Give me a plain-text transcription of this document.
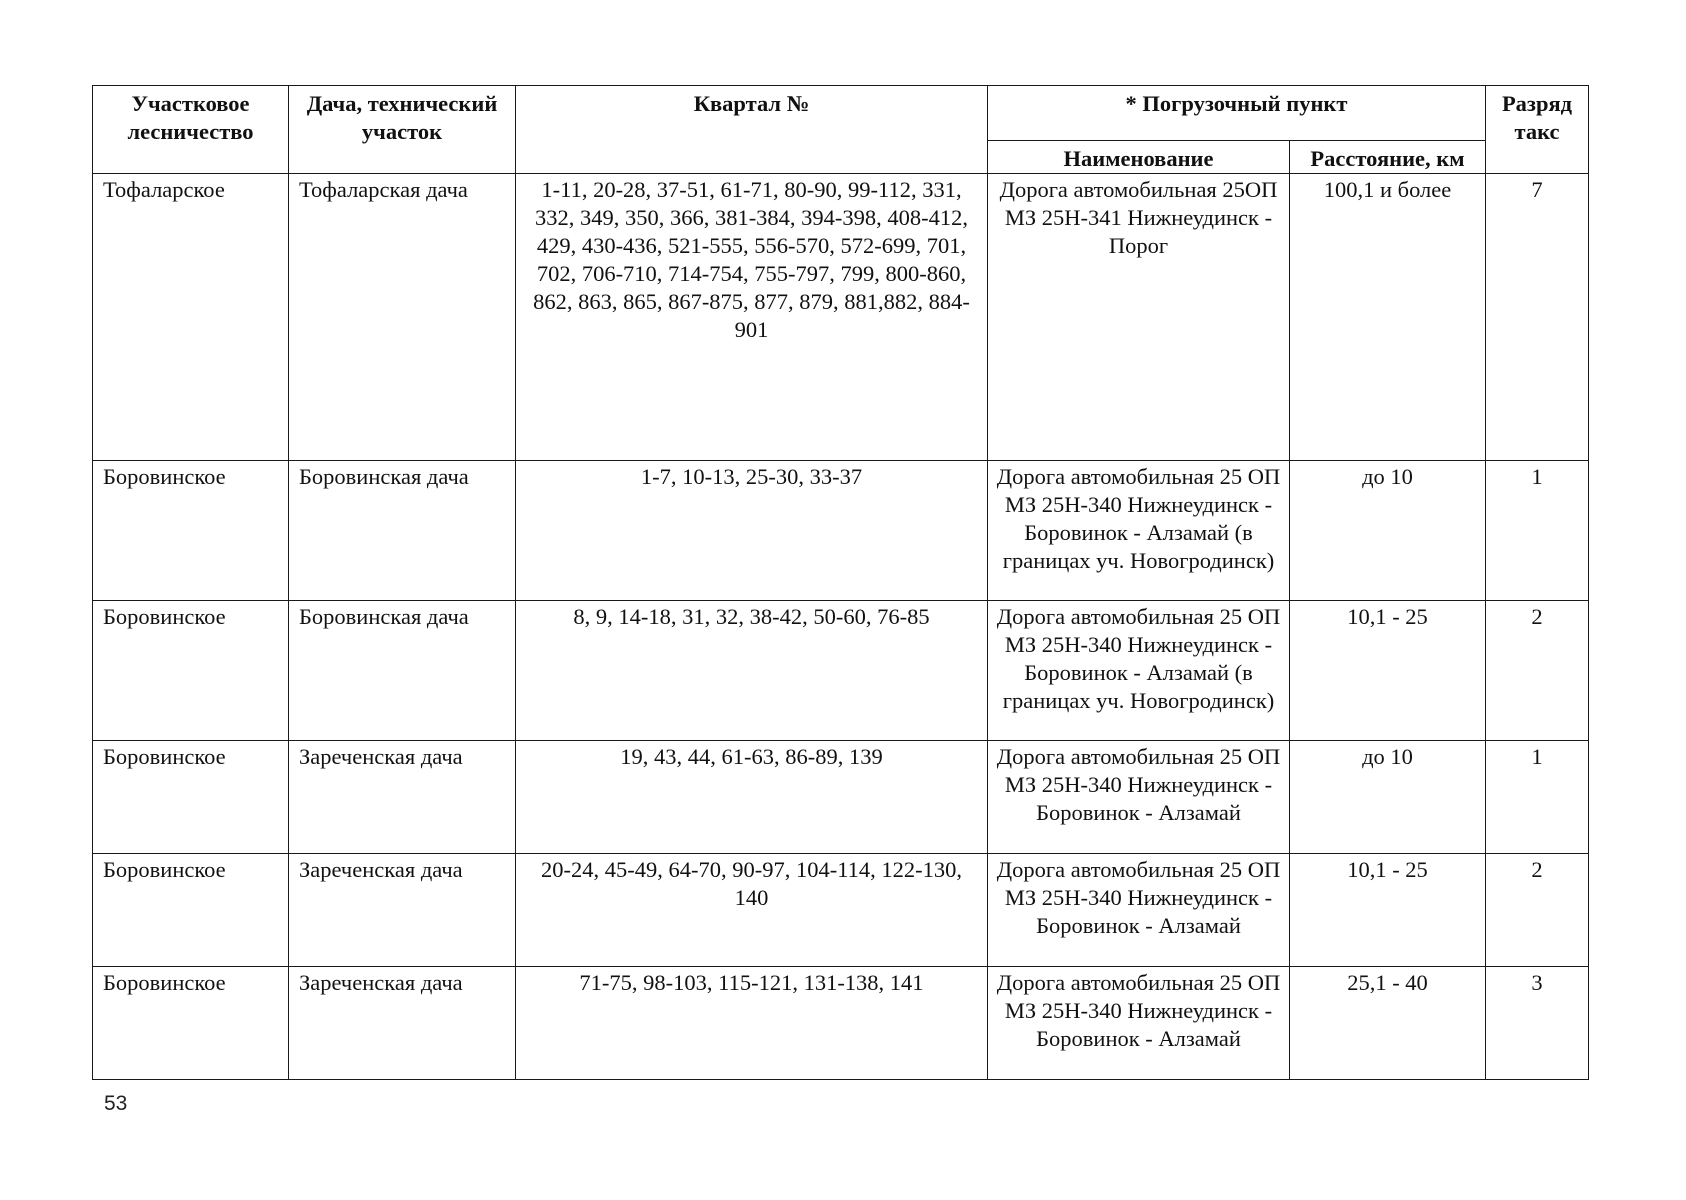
Участковое лесничество	Дача, технический участок	Квартал №	* Погрузочный пункт		Разряд такс
			Наименование	Расстояние, км	
Тофаларское	Тофаларская дача	1-11, 20-28, 37-51, 61-71, 80-90, 99-112, 331, 332, 349, 350, 366, 381-384, 394-398, 408-412, 429, 430-436, 521-555, 556-570, 572-699, 701, 702, 706-710, 714-754, 755-797, 799, 800-860, 862, 863, 865, 867-875, 877, 879, 881,882, 884-901	Дорога автомобильная 25ОП МЗ 25Н-341 Нижнеудинск - Порог	100,1 и более	7
Боровинское	Боровинская дача	1-7, 10-13, 25-30, 33-37	Дорога автомобильная 25 ОП МЗ 25Н-340 Нижнеудинск - Боровинок - Алзамай (в границах уч. Новогродинск)	до 10	1
Боровинское	Боровинская дача	8, 9, 14-18, 31, 32, 38-42, 50-60, 76-85	Дорога автомобильная 25 ОП МЗ 25Н-340 Нижнеудинск - Боровинок - Алзамай (в границах уч. Новогродинск)	10,1 - 25	2
Боровинское	Зареченская дача	19, 43, 44, 61-63, 86-89, 139	Дорога автомобильная 25 ОП МЗ 25Н-340 Нижнеудинск - Боровинок - Алзамай	до 10	1
Боровинское	Зареченская дача	20-24, 45-49, 64-70, 90-97, 104-114, 122-130, 140	Дорога автомобильная 25 ОП МЗ 25Н-340 Нижнеудинск - Боровинок - Алзамай	10,1 - 25	2
Боровинское	Зареченская дача	71-75, 98-103, 115-121, 131-138, 141	Дорога автомобильная 25 ОП МЗ 25Н-340 Нижнеудинск - Боровинок - Алзамай	25,1 - 40	3
53
